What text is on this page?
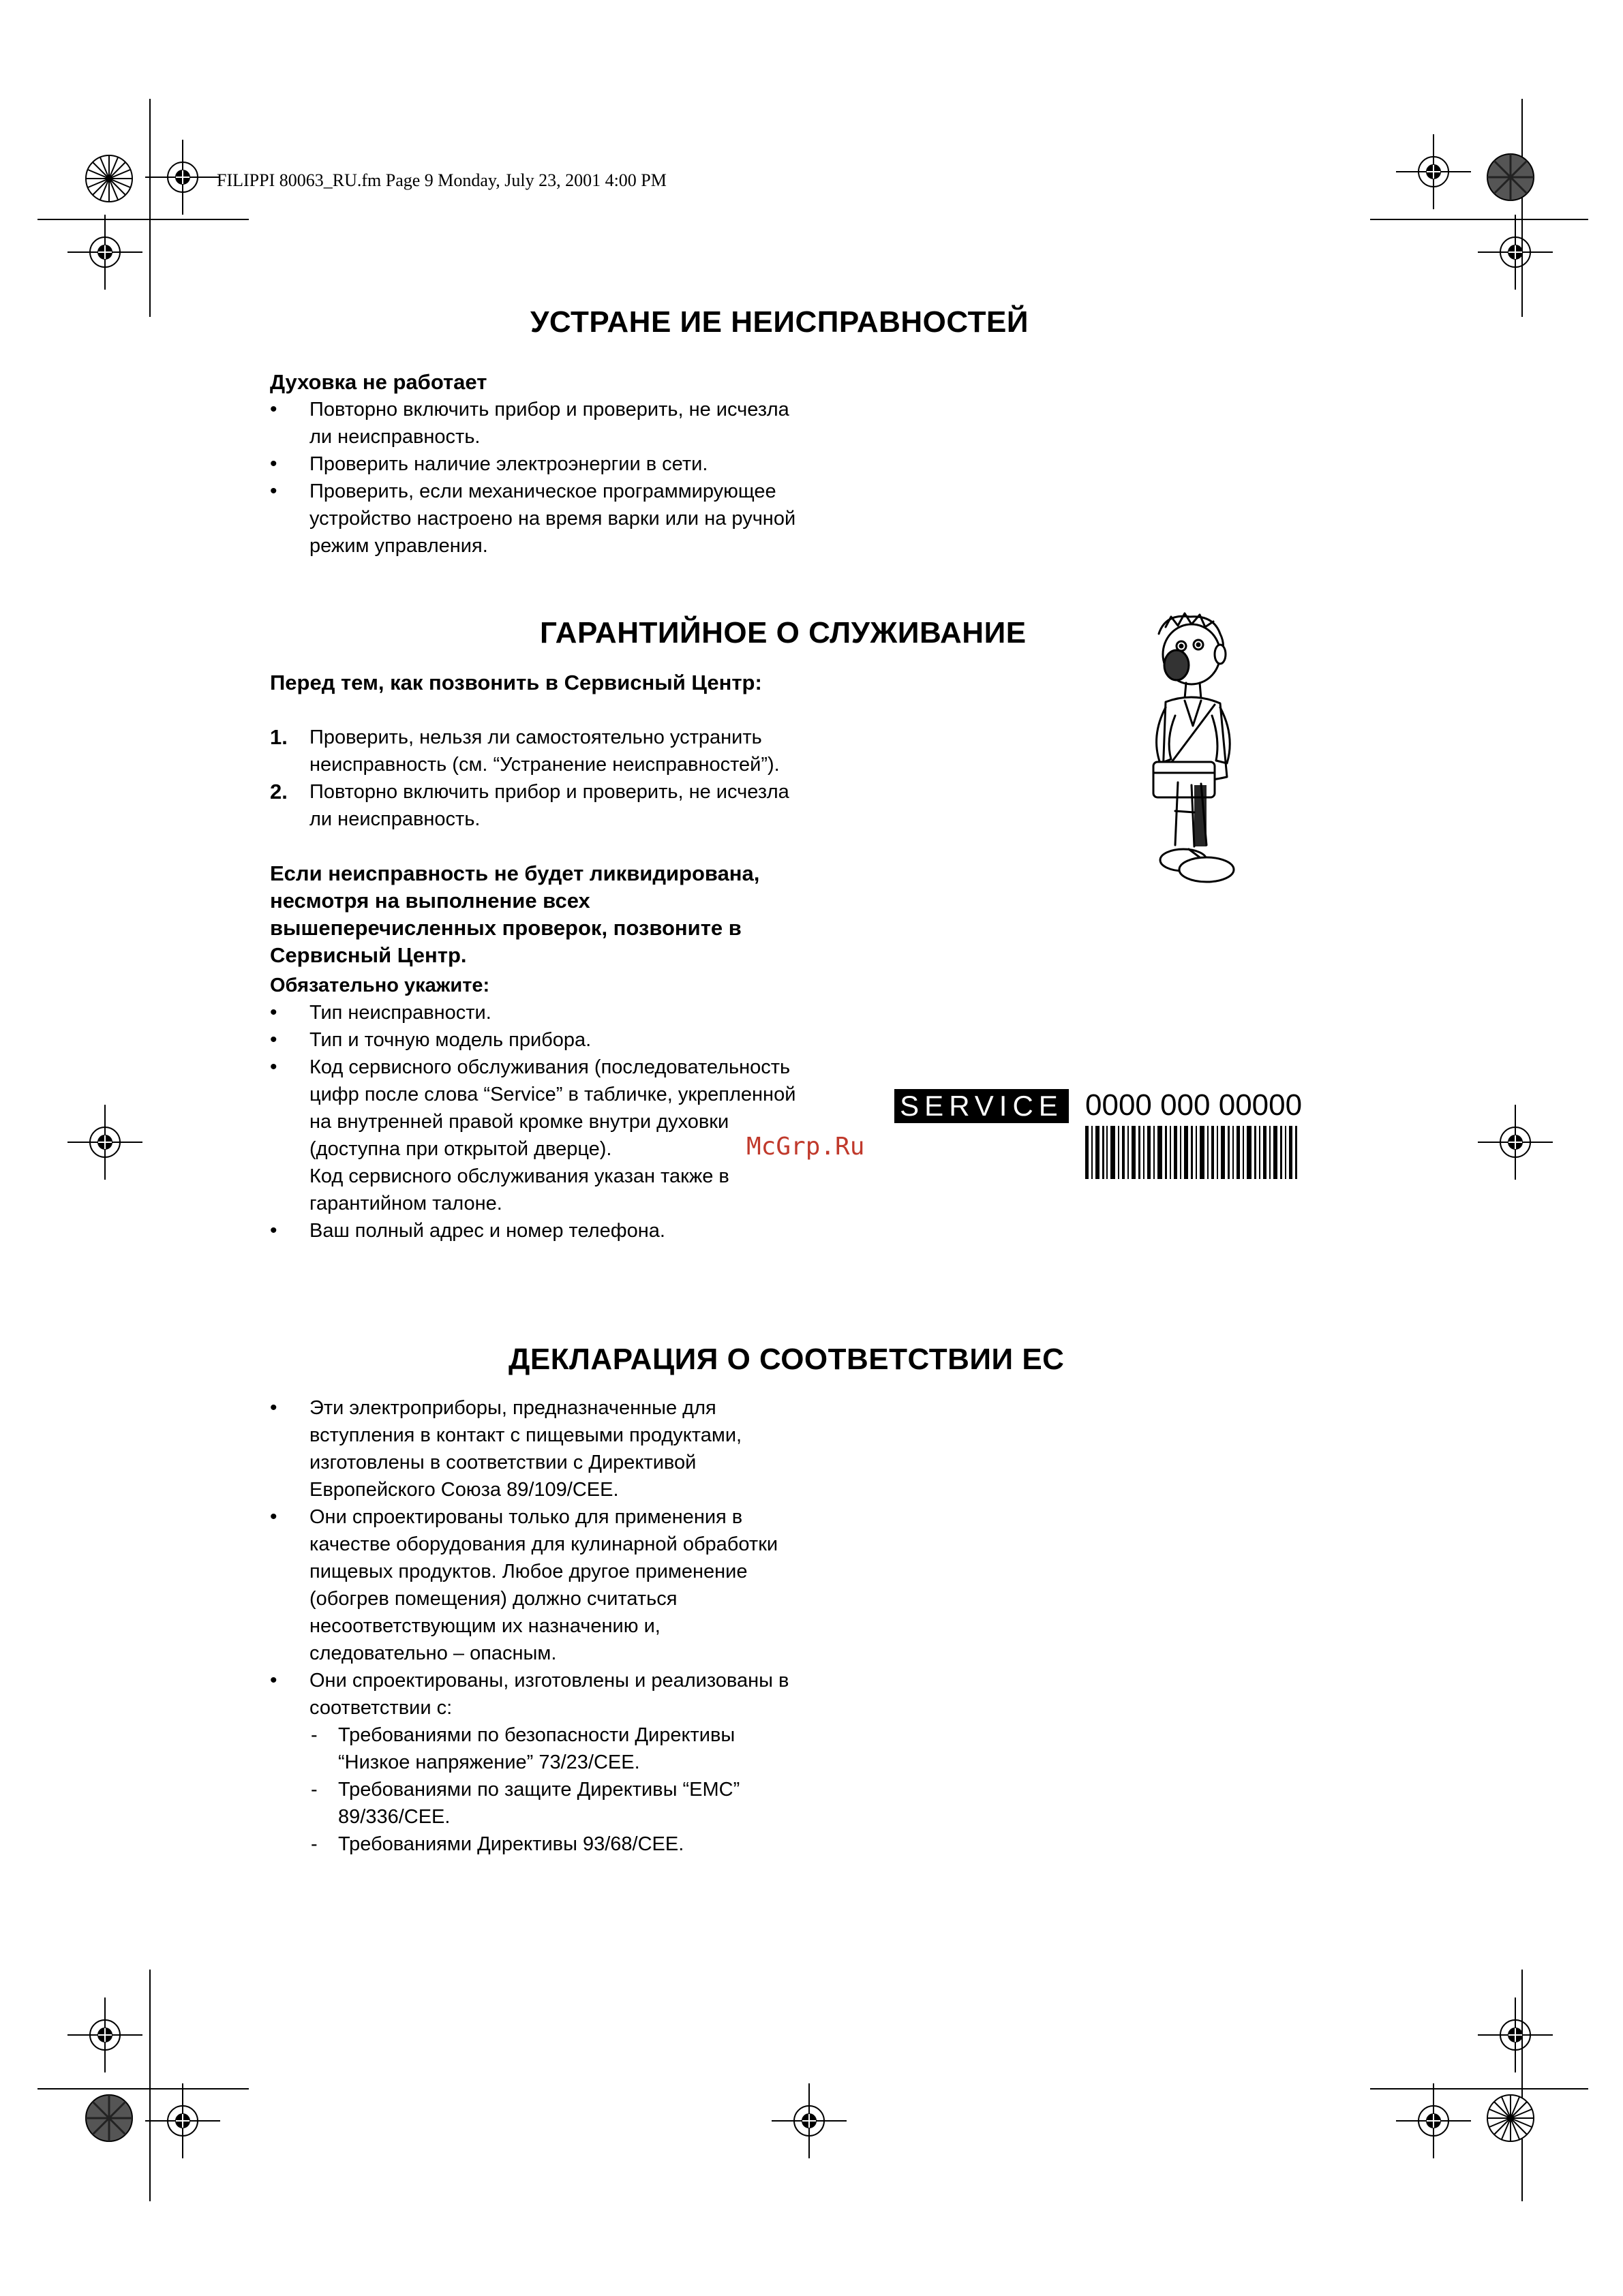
FILIPPI 80063_RU.fm Page 9 Monday, July 23, 2001 4:00 PM
УСТРАНЕ ИЕ НЕИСПРАВНОСТЕЙ
Духовка не работает
• Повторно включить прибор и проверить, не исчезла ли неисправность.
• Проверить наличие электроэнергии в сети.
• Проверить, если механическое программирующее устройство настроено на время варки или на ручной режим управления.
ГАРАНТИЙНОЕ О СЛУЖИВАНИЕ
Перед тем, как позвонить в Сервисный Центр:
1. Проверить, нельзя ли самостоятельно устранить неисправность (см. “Устранение неисправностей”).
2. Повторно включить прибор и проверить, не исчезла ли неисправность.
Если неисправность не будет ликвидирована, несмотря на выполнение всех вышеперечисленных проверок, позвоните в Сервисный Центр.
Обязательно укажите:
• Тип неисправности.
• Тип и точную модель прибора.
• Код сервисного обслуживания (последовательность цифр после слова “Service” в табличке, укрепленной на внутренней правой кромке внутри духовки (доступна при открытой дверце).
Код сервисного обслуживания указан также в гарантийном талоне.
• Ваш полный адрес и номер телефона.
SERVICE 0000 000 00000
McGrp.Ru
ДЕКЛАРАЦИЯ О СООТВЕТСТВИИ ЕС
• Эти электроприборы, предназначенные для вступления в контакт с пищевыми продуктами, изготовлены в соответствии с Директивой Европейского Союза 89/109/CEE.
• Они спроектированы только для применения в качестве оборудования для кулинарной обработки пищевых продуктов. Любое другое применение (обогрев помещения) должно считаться несоответствующим их назначению и, следовательно – опасным.
• Они спроектированы, изготовлены и реализованы в соответствии с:
- Требованиями по безопасности Директивы “Низкое напряжение” 73/23/CEE.
- Требованиями по защите Директивы “EMC” 89/336/CEE.
- Требованиями Директивы 93/68/CEE.
